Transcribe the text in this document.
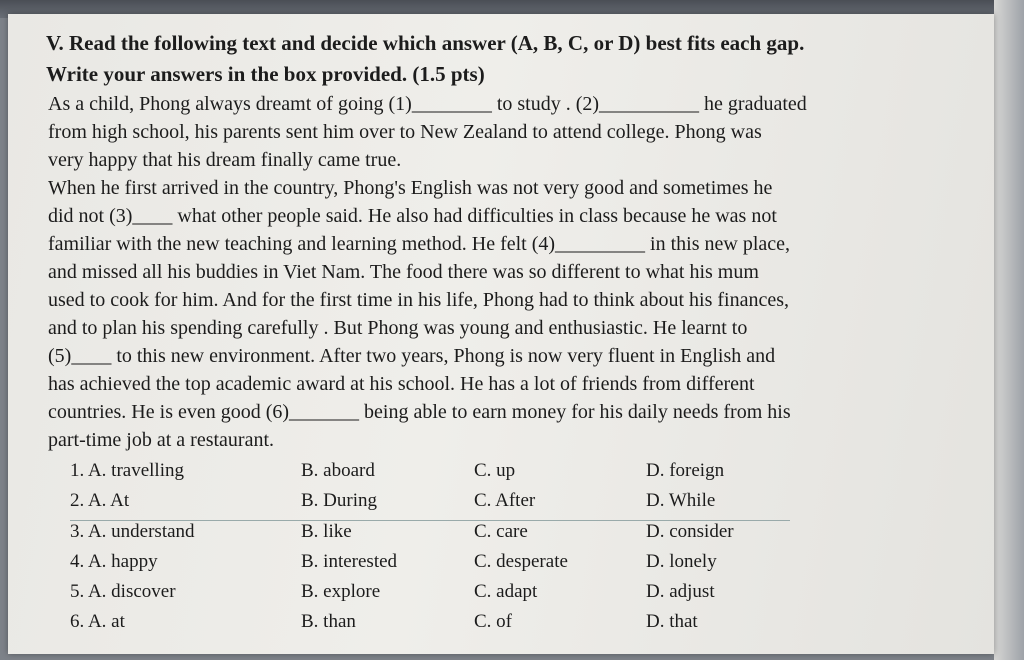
V. Read the following text and decide which answer (A, B, C, or D) best fits each gap.
Write your answers in the box provided. (1.5 pts)
As a child, Phong always dreamt of going (1)________ to study . (2)__________ he graduated
from high school, his parents sent him over to New Zealand to attend college. Phong was
very happy that his dream finally came true.
When he first arrived in the country, Phong's English was not very good and sometimes he
did not (3)____ what other people said. He also had difficulties in class because he was not
familiar with the new teaching and learning method. He felt (4)_________ in this new place,
and missed all his buddies in Viet Nam. The food there was so different to what his mum
used to cook for him. And for the first time in his life, Phong had to think about his finances,
and to plan his spending carefully . But Phong was young and enthusiastic. He learnt to
(5)____ to this new environment. After two years, Phong is now very fluent in English and
has achieved the top academic award at his school. He has a lot of friends from different
countries. He is even good (6)_______ being able to earn money for his daily needs from his
part-time job at a restaurant.
1. A. travelling	B. aboard	C. up	D. foreign
2. A. At	B. During	C. After	D. While
3. A. understand	B. like	C. care	D. consider
4. A. happy	B. interested	C. desperate	D. lonely
5. A. discover	B. explore	C. adapt	D. adjust
6. A. at	B. than	C. of	D. that
